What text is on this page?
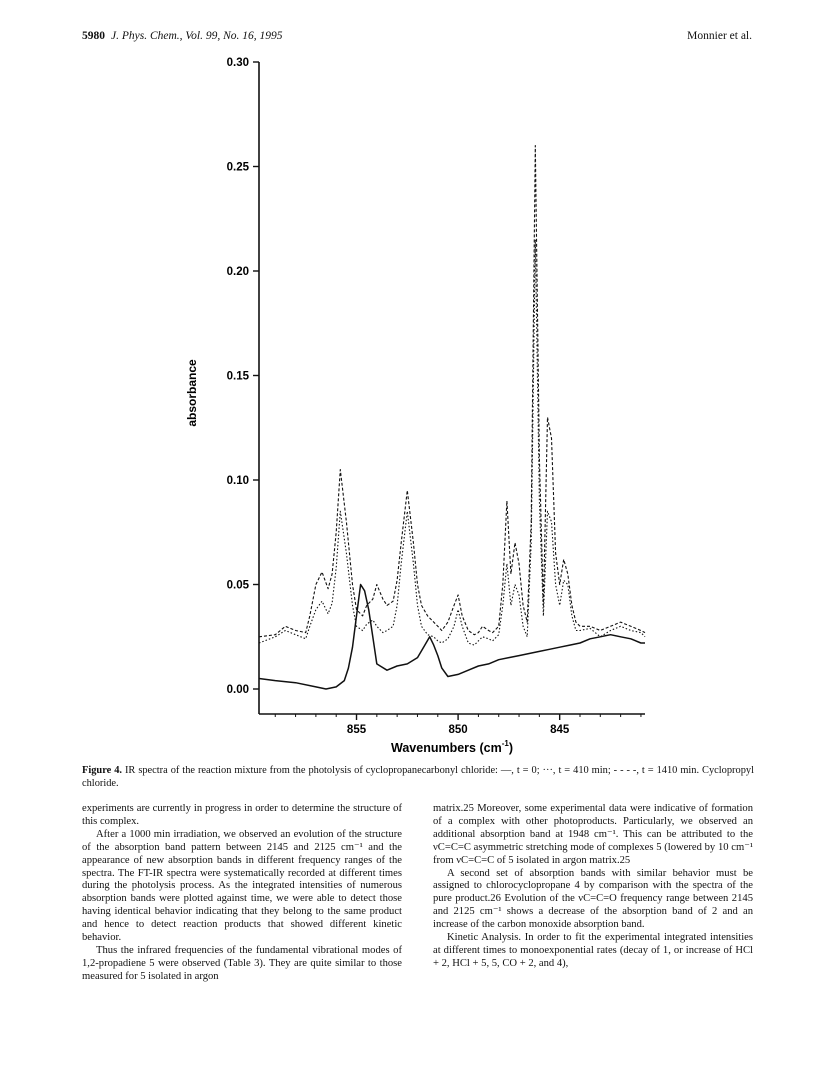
5980 J. Phys. Chem., Vol. 99, No. 16, 1995	Monnier et al.
0.00
0.05
0.10
0.15
0.20
0.25
0.30
855	850	845
absorbance
Wavenumbers $(cm^{-1})$
Figure 4. IR spectra of the reaction mixture from the photolysis of cyclopropanecarbonyl chloride: —, t = 0; ···, t = 410 min; - - - -, t = 1410 min. Cyclopropyl chloride.

experiments are currently in progress in order to determine the structure of this complex.

After a 1000 min irradiation, we observed an evolution of the structure of the absorption band pattern between 2145 and 2125 cm⁻¹ and the appearance of new absorption bands in different frequency ranges of the spectra. The FT-IR spectra were systematically recorded at different times during the photolysis process. As the integrated intensities of numerous absorption bands were plotted against time, we were able to detect those having identical behavior indicating that they belong to the same product and hence to detect reaction products that showed different kinetic behavior.

Thus the infrared frequencies of the fundamental vibrational modes of 1,2-propadiene 5 were observed (Table 3). They are quite similar to those measured for 5 isolated in argon

matrix.25 Moreover, some experimental data were indicative of formation of a complex with other photoproducts. Particularly, we observed an additional absorption band at 1948 cm⁻¹. This can be attributed to the νC=C=C asymmetric stretching mode of complexes 5 (lowered by 10 cm⁻¹ from νC=C=C of 5 isolated in argon matrix.25

A second set of absorption bands with similar behavior must be assigned to chlorocyclopropane 4 by comparison with the spectra of the pure product.26 Evolution of the νC=C=O frequency range between 2145 and 2125 cm⁻¹ shows a decrease of the absorption band of 2 and an increase of the carbon monoxide absorption band.

Kinetic Analysis. In order to fit the experimental integrated intensities at different times to monoexponential rates (decay of 1, or increase of HCl + 2, HCl + 5, 5, CO + 2, and 4),
